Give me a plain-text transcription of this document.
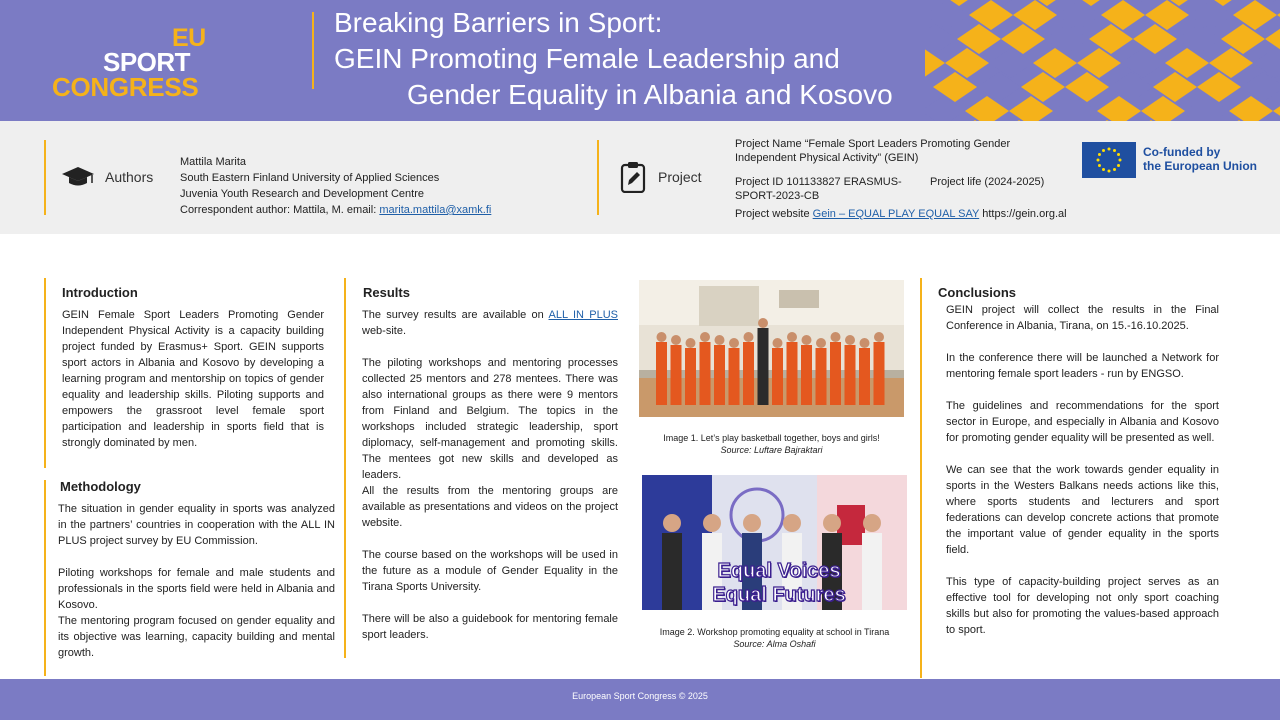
EU
SPORT
CONGRESS
Breaking Barriers in Sport:
GEIN Promoting Female Leadership and
Gender Equality in Albania and Kosovo
Authors
Mattila Marita
South Eastern Finland University of Applied Sciences
Juvenia Youth Research and Development Centre
Correspondent author: Mattila, M. email: marita.mattila@xamk.fi
Project
Project Name “Female Sport Leaders Promoting Gender
Independent Physical Activity” (GEIN)
Project ID 101133827 ERASMUS-
SPORT-2023-CB
Project life (2024-2025)
Project website Gein – EQUAL PLAY EQUAL SAY https://gein.org.al
Co-funded by
the European Union
Introduction

GEIN Female Sport Leaders Promoting Gender Independent Physical Activity is a capacity building project funded by Erasmus+ Sport. GEIN supports sport actors in Albania and Kosovo by developing a learning program and mentorship on topics of gender equality and leadership skills. Piloting supports and empowers the grassroot level female sport participation and leadership in sports field that is strongly dominated by men.

Methodology

The situation in gender equality in sports was analyzed in the partners’ countries in cooperation with the ALL IN PLUS project survey by EU Commission.

Piloting workshops for female and male students and professionals in the sports field were held in Albania and Kosovo.

The mentoring program focused on gender equality and its objective was learning, capacity building and mental growth.

Results

The survey results are available on ALL IN PLUS web-site.

The piloting workshops and mentoring processes collected 25 mentors and 278 mentees. There was also international groups as there were 9 mentors from Finland and Belgium. The topics in the workshops included strategic leadership, sport diplomacy, self-management and promoting skills. The mentees got new skills and developed as leaders.

All the results from the mentoring groups are available as presentations and videos on the project website.

The course based on the workshops will be used in the future as a module of Gender Equality in the Tirana Sports University.

There will be also a guidebook for mentoring female sport leaders.

Image 1. Let’s play basketball together, boys and girls!
Source: Luftare Bajraktari
Equal Voices
Equal Futures
Image 2. Workshop promoting equality at school in Tirana
Source: Alma Oshafi
Conclusions

GEIN project will collect the results in the Final Conference in Albania, Tirana, on 15.-16.10.2025.

In the conference there will be launched a Network for mentoring female sport leaders - run by ENGSO.

The guidelines and recommendations for the sport sector in Europe, and especially in Albania and Kosovo for promoting gender equality will be presented as well.

We can see that the work towards gender equality in sports in the Westers Balkans needs actions like this, where sports students and lecturers and sport federations can develop concrete actions that promote the important value of gender equality in the sports field.

This type of capacity-building project serves as an effective tool for developing not only sport coaching skills but also for promoting the values-based approach to sport.

European Sport Congress © 2025
